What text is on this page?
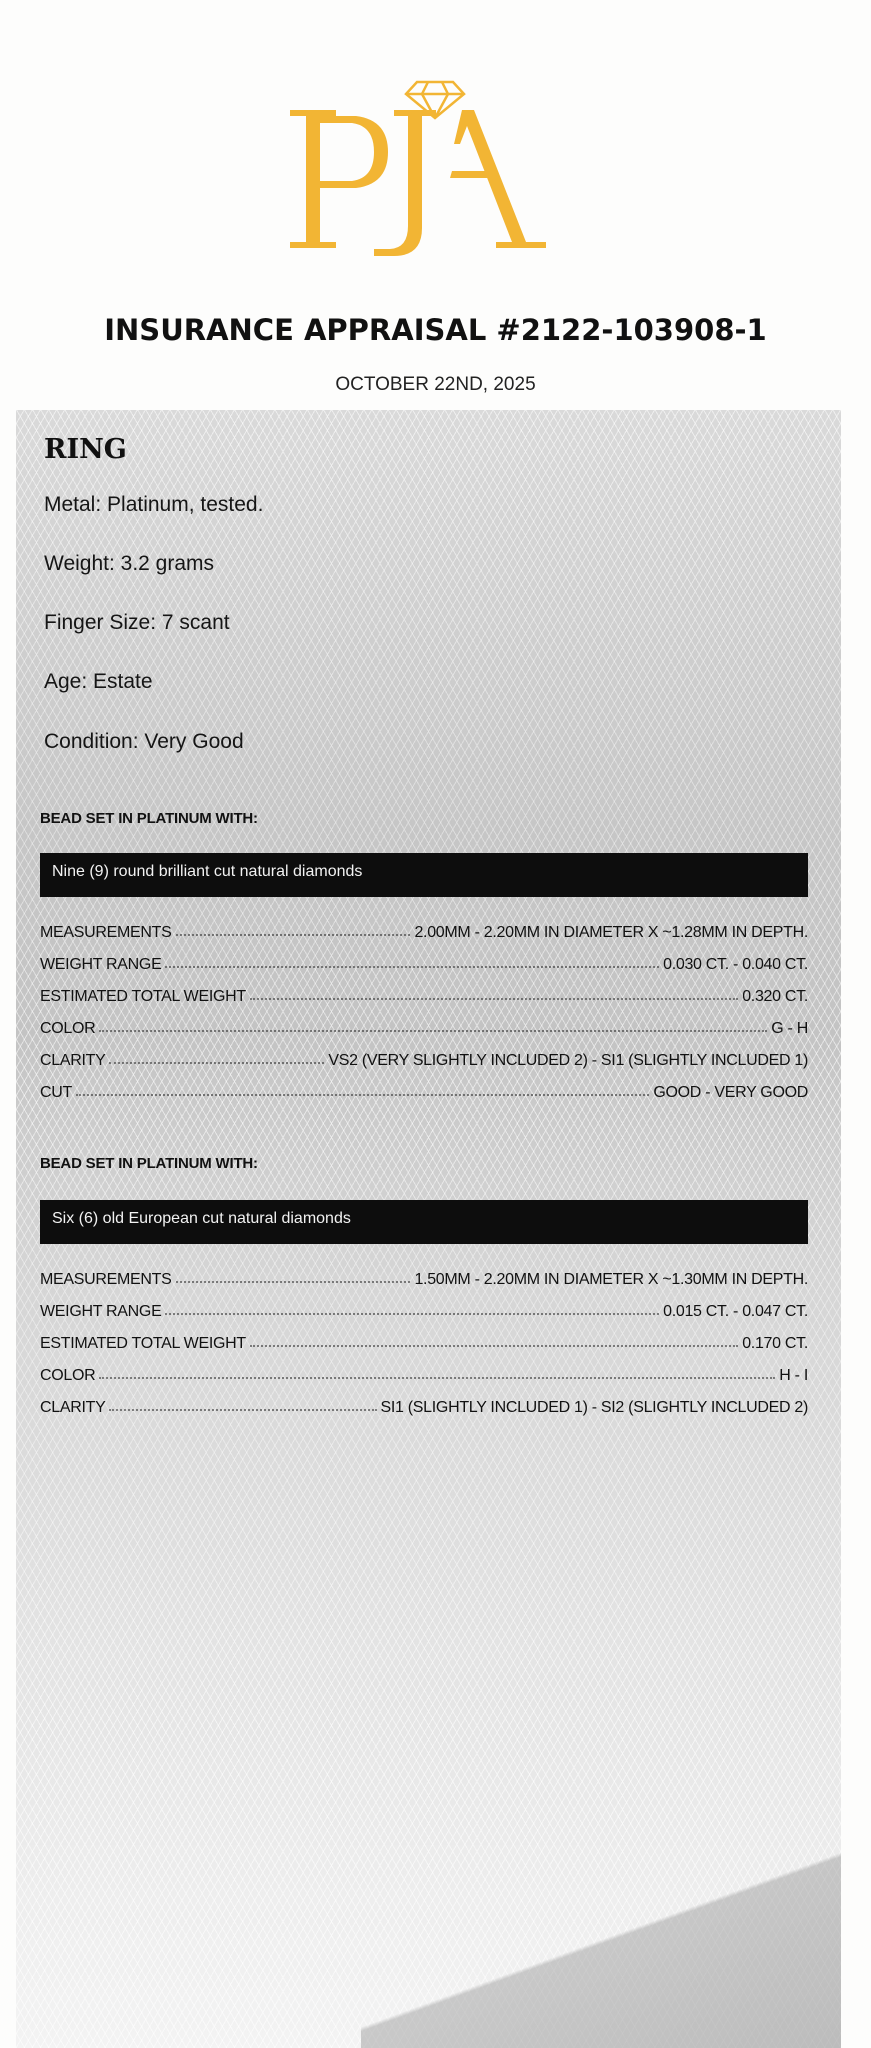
INSURANCE APPRAISAL #2122-103908-1
OCTOBER 22ND, 2025
RING
Metal: Platinum, tested.
Weight: 3.2 grams
Finger Size: 7 scant
Age: Estate
Condition: Very Good
BEAD SET IN PLATINUM WITH:
Nine (9) round brilliant cut natural diamonds
MEASUREMENTS	2.00MM - 2.20MM IN DIAMETER X ~1.28MM IN DEPTH.
WEIGHT RANGE	0.030 CT. - 0.040 CT.
ESTIMATED TOTAL WEIGHT	0.320 CT.
COLOR	G - H
CLARITY	VS2 (VERY SLIGHTLY INCLUDED 2) - SI1 (SLIGHTLY INCLUDED 1)
CUT	GOOD - VERY GOOD
BEAD SET IN PLATINUM WITH:
Six (6) old European cut natural diamonds
MEASUREMENTS	1.50MM - 2.20MM IN DIAMETER X ~1.30MM IN DEPTH.
WEIGHT RANGE	0.015 CT. - 0.047 CT.
ESTIMATED TOTAL WEIGHT	0.170 CT.
COLOR	H - I
CLARITY	SI1 (SLIGHTLY INCLUDED 1) - SI2 (SLIGHTLY INCLUDED 2)
